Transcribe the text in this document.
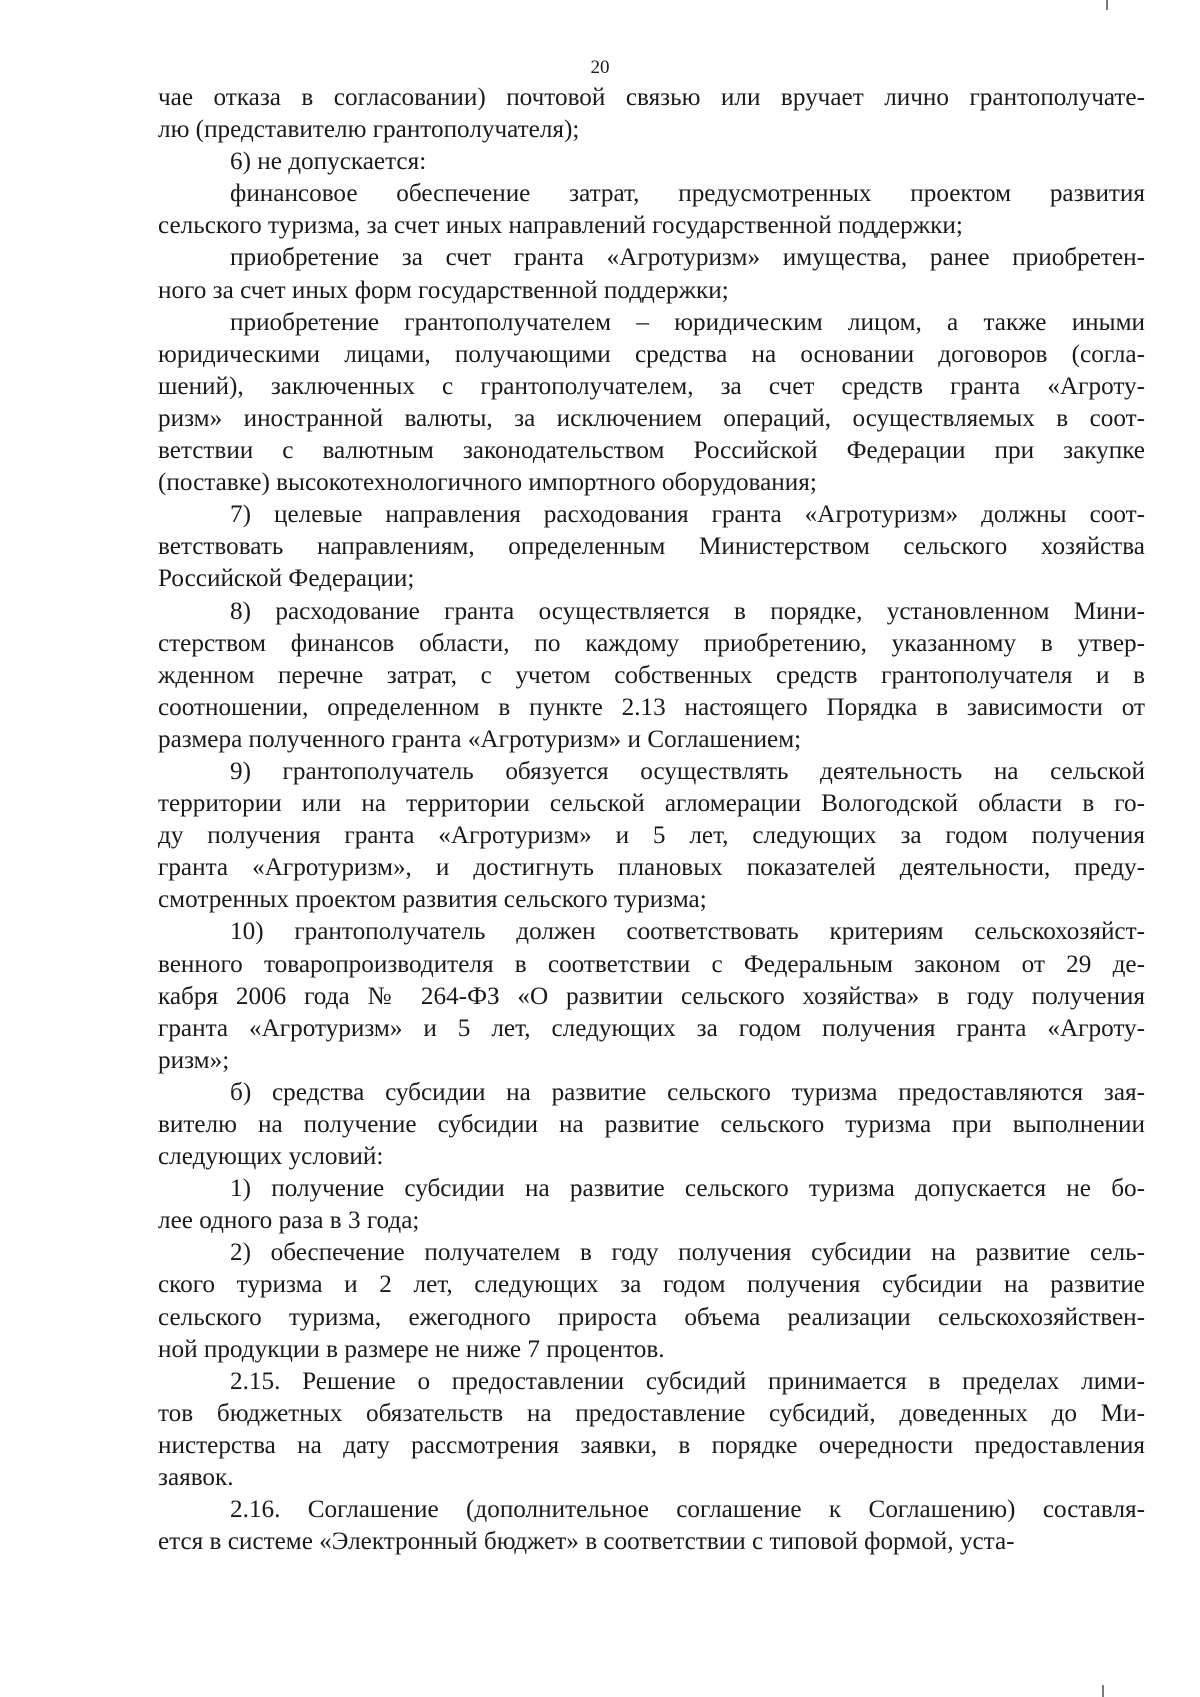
20

чае отказа в согласовании) почтовой связью или вручает лично грантополучате-

лю (представителю грантополучателя);

6) не допускается:

финансовое обеспечение затрат, предусмотренных проектом развития

сельского туризма, за счет иных направлений государственной поддержки;

приобретение за счет гранта «Агротуризм» имущества, ранее приобретен-

ного за счет иных форм государственной поддержки;

приобретение грантополучателем – юридическим лицом, а также иными

юридическими лицами, получающими средства на основании договоров (согла-

шений), заключенных с грантополучателем, за счет средств гранта «Агроту-

ризм» иностранной валюты, за исключением операций, осуществляемых в соот-

ветствии с валютным законодательством Российской Федерации при закупке

(поставке) высокотехнологичного импортного оборудования;

7) целевые направления расходования гранта «Агротуризм» должны соот-

ветствовать направлениям, определенным Министерством сельского хозяйства

Российской Федерации;

8) расходование гранта осуществляется в порядке, установленном Мини-

стерством финансов области, по каждому приобретению, указанному в утвер-

жденном перечне затрат, с учетом собственных средств грантополучателя и в

соотношении, определенном в пункте 2.13 настоящего Порядка в зависимости от

размера полученного гранта «Агротуризм» и Соглашением;

9) грантополучатель обязуется осуществлять деятельность на сельской

территории или на территории сельской агломерации Вологодской области в го-

ду получения гранта «Агротуризм» и 5 лет, следующих за годом получения

гранта «Агротуризм», и достигнуть плановых показателей деятельности, преду-

смотренных проектом развития сельского туризма;

10) грантополучатель должен соответствовать критериям сельскохозяйст-

венного товаропроизводителя в соответствии с Федеральным законом от 29 де-

кабря 2006 года № 264-ФЗ «О развитии сельского хозяйства» в году получения

гранта «Агротуризм» и 5 лет, следующих за годом получения гранта «Агроту-

ризм»;

б) средства субсидии на развитие сельского туризма предоставляются зая-

вителю на получение субсидии на развитие сельского туризма при выполнении

следующих условий:

1) получение субсидии на развитие сельского туризма допускается не бо-

лее одного раза в 3 года;

2) обеспечение получателем в году получения субсидии на развитие сель-

ского туризма и 2 лет, следующих за годом получения субсидии на развитие

сельского туризма, ежегодного прироста объема реализации сельскохозяйствен-

ной продукции в размере не ниже 7 процентов.

2.15. Решение о предоставлении субсидий принимается в пределах лими-

тов бюджетных обязательств на предоставление субсидий, доведенных до Ми-

нистерства на дату рассмотрения заявки, в порядке очередности предоставления

заявок.

2.16. Соглашение (дополнительное соглашение к Соглашению) составля-

ется в системе «Электронный бюджет» в соответствии с типовой формой, уста-
